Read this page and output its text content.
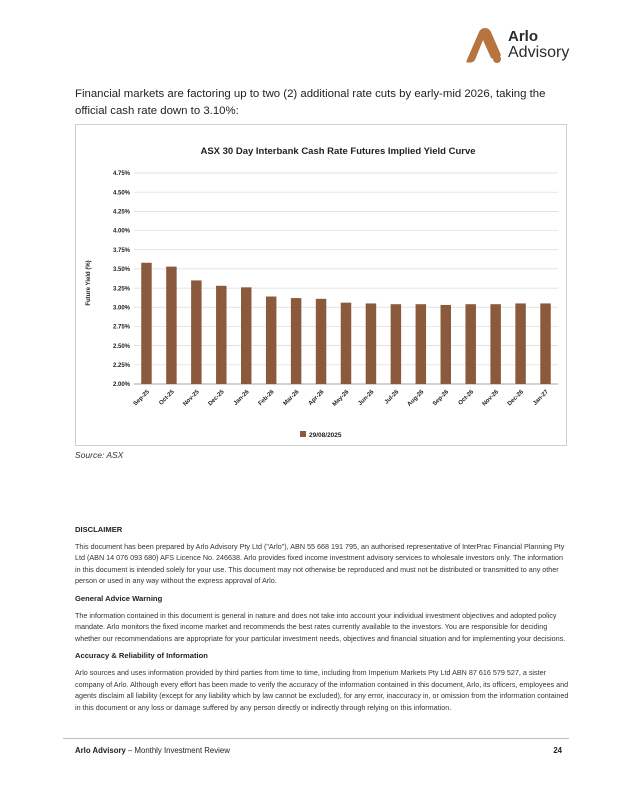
Arlo
Advisory
Financial markets are factoring up to two (2) additional rate cuts by early-mid 2026, taking the official cash rate down to 3.10%:
ASX 30 Day Interbank Cash Rate Futures Implied Yield Curve
2.00%
2.25%
2.50%
2.75%
3.00%
3.25%
3.50%
3.75%
4.00%
4.25%
4.50%
4.75%
Sep-25 Oct-25 Nov-25 Dec-25 Jan-26 Feb-26 Mar-26 Apr-26 May-26 Jun-26 Jul-26 Aug-26 Sep-26 Oct-26 Nov-26 Dec-26 Jan-27
Future Yield (%)
29/08/2025
Source: ASX
DISCLAIMER

This document has been prepared by Arlo Advisory Pty Ltd ("Arlo"), ABN 55 668 191 795, an authorised representative of InterPrac Financial Planning Pty Ltd (ABN 14 076 093 680) AFS Licence No. 246638. Arlo provides fixed income investment advisory services to wholesale investors only. The information in this document is intended solely for your use. This document may not otherwise be reproduced and must not be distributed or transmitted to any other person or used in any way without the express approval of Arlo.

General Advice Warning

The information contained in this document is general in nature and does not take into account your individual investment objectives and adopted policy mandate. Arlo monitors the fixed income market and recommends the best rates currently available to the investors. You are responsible for deciding whether our recommendations are appropriate for your particular investment needs, objectives and financial situation and for implementing your decisions.

Accuracy & Reliability of Information

Arlo sources and uses information provided by third parties from time to time, including from Imperium Markets Pty Ltd ABN 87 616 579 527, a sister company of Arlo. Although every effort has been made to verify the accuracy of the information contained in this document, Arlo, its officers, employees and agents disclaim all liability (except for any liability which by law cannot be excluded), for any error, inaccuracy in, or omission from the information contained in this document or any loss or damage suffered by any person directly or indirectly through relying on this information.

Arlo Advisory – Monthly Investment Review	24
